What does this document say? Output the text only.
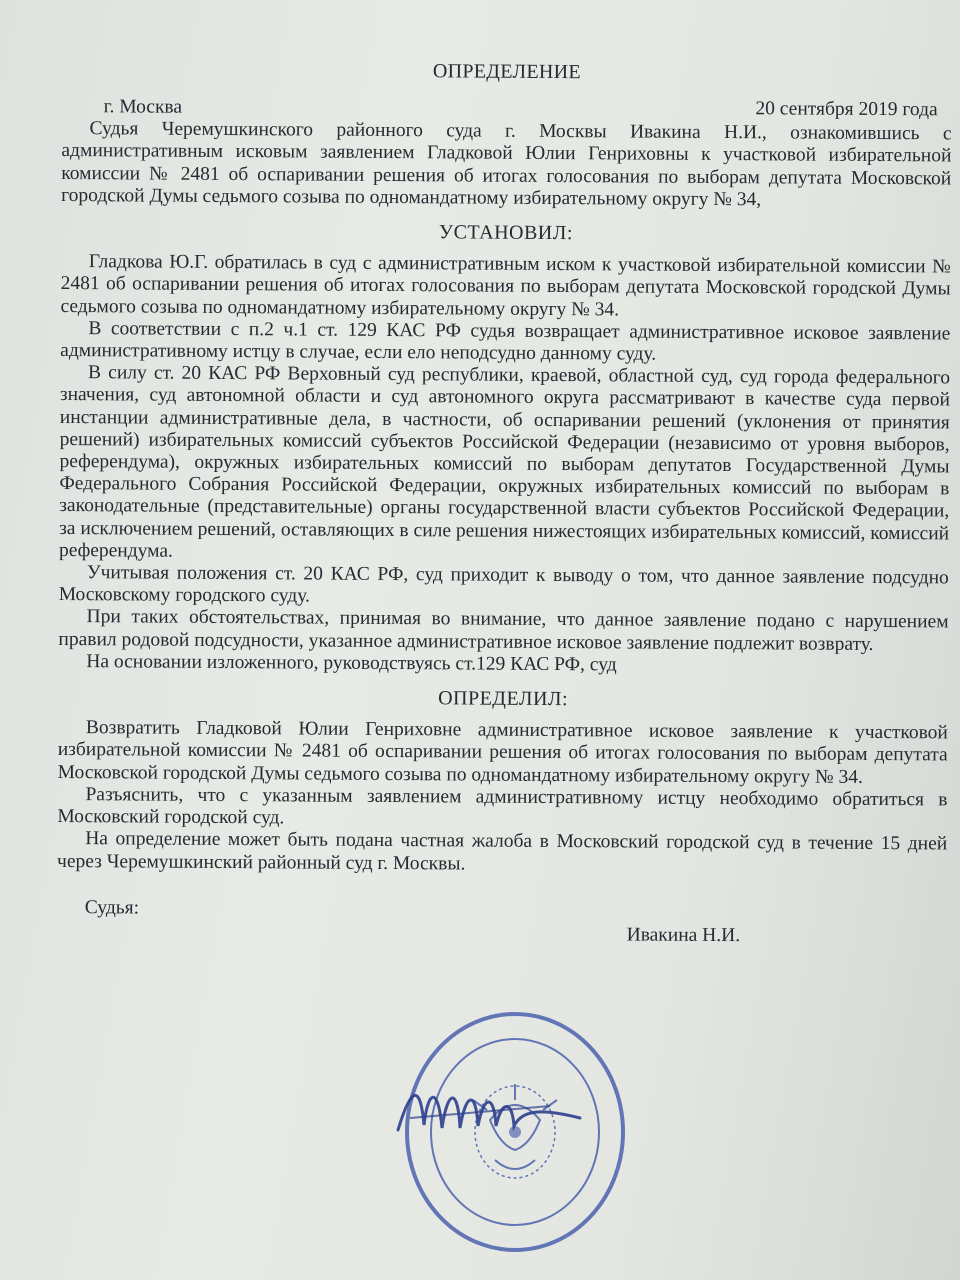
ОПРЕДЕЛЕНИЕ
г. Москва	20 сентября 2019 года

Судья Черемушкинского районного суда г. Москвы Ивакина Н.И., ознакомившись с административным исковым заявлением Гладковой Юлии Генриховны к участковой избирательной комиссии № 2481 об оспаривании решения об итогах голосования по выборам депутата Московской городской Думы седьмого созыва по одномандатному избирательному округу № 34,

УСТАНОВИЛ:

Гладкова Ю.Г. обратилась в суд с административным иском к участковой избирательной комиссии № 2481 об оспаривании решения об итогах голосования по выборам депутата Московской городской Думы седьмого созыва по одномандатному избирательному округу № 34.

В соответствии с п.2 ч.1 ст. 129 КАС РФ судья возвращает административное исковое заявление административному истцу в случае, если ело неподсудно данному суду.

В силу ст. 20 КАС РФ Верховный суд республики, краевой, областной суд, суд города федерального значения, суд автономной области и суд автономного округа рассматривают в качестве суда первой инстанции административные дела, в частности, об оспаривании решений (уклонения от принятия решений) избирательных комиссий субъектов Российской Федерации (независимо от уровня выборов, референдума), окружных избирательных комиссий по выборам депутатов Государственной Думы Федерального Собрания Российской Федерации, окружных избирательных комиссий по выборам в законодательные (представительные) органы государственной власти субъектов Российской Федерации, за исключением решений, оставляющих в силе решения нижестоящих избирательных комиссий, комиссий референдума.

Учитывая положения ст. 20 КАС РФ, суд приходит к выводу о том, что данное заявление подсудно Московскому городского суду.

При таких обстоятельствах, принимая во внимание, что данное заявление подано с нарушением правил родовой подсудности, указанное административное исковое заявление подлежит возврату.

На основании изложенного, руководствуясь ст.129 КАС РФ, суд

ОПРЕДЕЛИЛ:

Возвратить Гладковой Юлии Генриховне административное исковое заявление к участковой избирательной комиссии № 2481 об оспаривании решения об итогах голосования по выборам депутата Московской городской Думы седьмого созыва по одномандатному избирательному округу № 34.

Разъяснить, что с указанным заявлением административному истцу необходимо обратиться в Московский городской суд.

На определение может быть подана частная жалоба в Московский городской суд в течение 15 дней через Черемушкинский районный суд г. Москвы.

Судья:
Ивакина Н.И.
